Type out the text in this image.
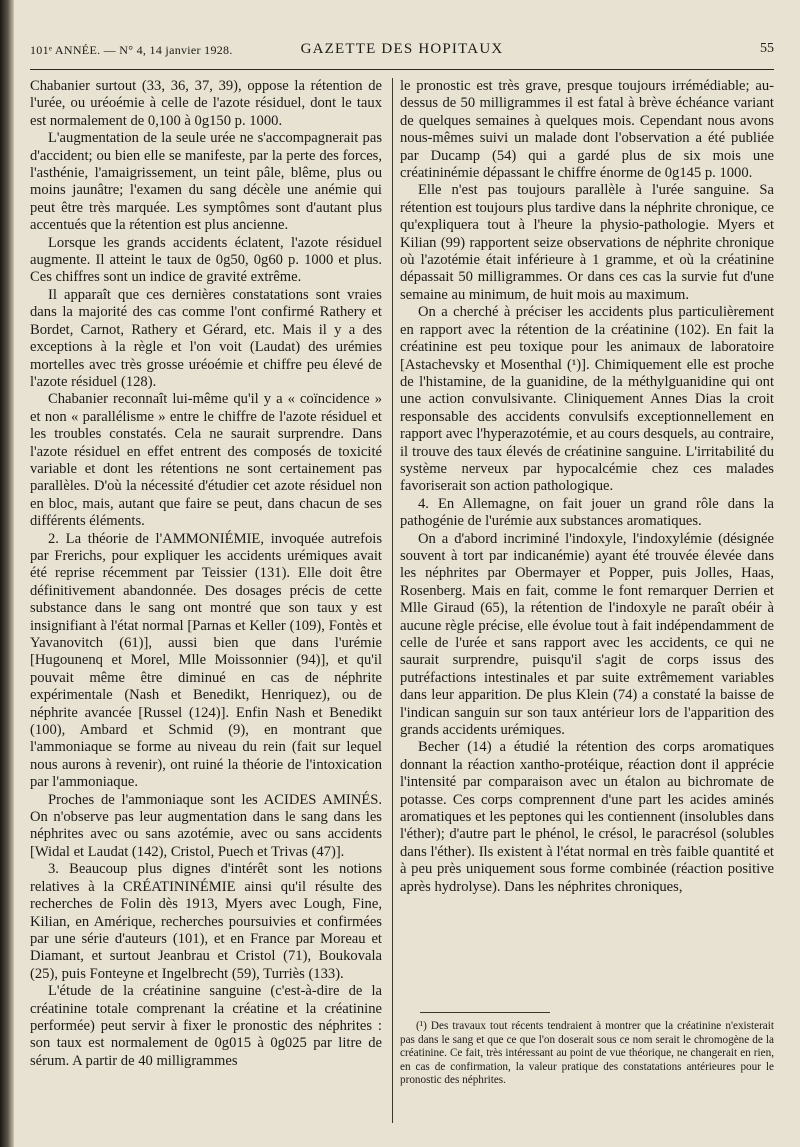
101ᵉ ANNÉE. — N° 4, 14 janvier 1928.	GAZETTE DES HOPITAUX	55

Chabanier surtout (33, 36, 37, 39), oppose la rétention de l'urée, ou uréoémie à celle de l'azote résiduel, dont le taux est normalement de 0,100 à 0g150 p. 1000.

L'augmentation de la seule urée ne s'accompagnerait pas d'accident; ou bien elle se manifeste, par la perte des forces, l'asthénie, l'amaigrissement, un teint pâle, blême, plus ou moins jaunâtre; l'examen du sang décèle une anémie qui peut être très marquée. Les symptômes sont d'autant plus accentués que la rétention est plus ancienne.

Lorsque les grands accidents éclatent, l'azote résiduel augmente. Il atteint le taux de 0g50, 0g60 p. 1000 et plus. Ces chiffres sont un indice de gravité extrême.

Il apparaît que ces dernières constatations sont vraies dans la majorité des cas comme l'ont confirmé Rathery et Bordet, Carnot, Rathery et Gérard, etc. Mais il y a des exceptions à la règle et l'on voit (Laudat) des urémies mortelles avec très grosse uréoémie et chiffre peu élevé de l'azote résiduel (128).

Chabanier reconnaît lui-même qu'il y a « coïncidence » et non « parallélisme » entre le chiffre de l'azote résiduel et les troubles constatés. Cela ne saurait surprendre. Dans l'azote résiduel en effet entrent des composés de toxicité variable et dont les rétentions ne sont certainement pas parallèles. D'où la nécessité d'étudier cet azote résiduel non en bloc, mais, autant que faire se peut, dans chacun de ses différents éléments.

2. La théorie de l'AMMONIÉMIE, invoquée autrefois par Frerichs, pour expliquer les accidents urémiques avait été reprise récemment par Teissier (131). Elle doit être définitivement abandonnée. Des dosages précis de cette substance dans le sang ont montré que son taux y est insignifiant à l'état normal [Parnas et Keller (109), Fontès et Yavanovitch (61)], aussi bien que dans l'urémie [Hugounenq et Morel, Mlle Moissonnier (94)], et qu'il pouvait même être diminué en cas de néphrite expérimentale (Nash et Benedikt, Henriquez), ou de néphrite avancée [Russel (124)]. Enfin Nash et Benedikt (100), Ambard et Schmid (9), en montrant que l'ammoniaque se forme au niveau du rein (fait sur lequel nous aurons à revenir), ont ruiné la théorie de l'intoxication par l'ammoniaque.

Proches de l'ammoniaque sont les ACIDES AMINÉS. On n'observe pas leur augmentation dans le sang dans les néphrites avec ou sans azotémie, avec ou sans accidents [Widal et Laudat (142), Cristol, Puech et Trivas (47)].

3. Beaucoup plus dignes d'intérêt sont les notions relatives à la CRÉATININÉMIE ainsi qu'il résulte des recherches de Folin dès 1913, Myers avec Lough, Fine, Kilian, en Amérique, recherches poursuivies et confirmées par une série d'auteurs (101), et en France par Moreau et Diamant, et surtout Jeanbrau et Cristol (71), Boukovala (25), puis Fonteyne et Ingelbrecht (59), Turriès (133).

L'étude de la créatinine sanguine (c'est-à-dire de la créatinine totale comprenant la créatine et la créatinine performée) peut servir à fixer le pronostic des néphrites : son taux est normalement de 0g015 à 0g025 par litre de sérum. A partir de 40 milligrammes

le pronostic est très grave, presque toujours irrémédiable; au-dessus de 50 milligrammes il est fatal à brève échéance variant de quelques semaines à quelques mois. Cependant nous avons nous-mêmes suivi un malade dont l'observation a été publiée par Ducamp (54) qui a gardé plus de six mois une créatininémie dépassant le chiffre énorme de 0g145 p. 1000.

Elle n'est pas toujours parallèle à l'urée sanguine. Sa rétention est toujours plus tardive dans la néphrite chronique, ce qu'expliquera tout à l'heure la physio-pathologie. Myers et Kilian (99) rapportent seize observations de néphrite chronique où l'azotémie était inférieure à 1 gramme, et où la créatinine dépassait 50 milligrammes. Or dans ces cas la survie fut d'une semaine au minimum, de huit mois au maximum.

On a cherché à préciser les accidents plus particulièrement en rapport avec la rétention de la créatinine (102). En fait la créatinine est peu toxique pour les animaux de laboratoire [Astachevsky et Mosenthal (¹)]. Chimiquement elle est proche de l'histamine, de la guanidine, de la méthylguanidine qui ont une action convulsivante. Cliniquement Annes Dias la croit responsable des accidents convulsifs exceptionnellement en rapport avec l'hyperazotémie, et au cours desquels, au contraire, il trouve des taux élevés de créatinine sanguine. L'irritabilité du système nerveux par hypocalcémie chez ces malades favoriserait son action pathologique.

4. En Allemagne, on fait jouer un grand rôle dans la pathogénie de l'urémie aux substances aromatiques.

On a d'abord incriminé l'indoxyle, l'indoxylémie (désignée souvent à tort par indicanémie) ayant été trouvée élevée dans les néphrites par Obermayer et Popper, puis Jolles, Haas, Rosenberg. Mais en fait, comme le font remarquer Derrien et Mlle Giraud (65), la rétention de l'indoxyle ne paraît obéir à aucune règle précise, elle évolue tout à fait indépendamment de celle de l'urée et sans rapport avec les accidents, ce qui ne saurait surprendre, puisqu'il s'agit de corps issus des putréfactions intestinales et par suite extrêmement variables dans leur apparition. De plus Klein (74) a constaté la baisse de l'indican sanguin sur son taux antérieur lors de l'apparition des grands accidents urémiques.

Becher (14) a étudié la rétention des corps aromatiques donnant la réaction xantho-protéique, réaction dont il apprécie l'intensité par comparaison avec un étalon au bichromate de potasse. Ces corps comprennent d'une part les acides aminés aromatiques et les peptones qui les contiennent (insolubles dans l'éther); d'autre part le phénol, le crésol, le paracrésol (solubles dans l'éther). Ils existent à l'état normal en très faible quantité et à peu près uniquement sous forme combinée (réaction positive après hydrolyse). Dans les néphrites chroniques,

(¹) Des travaux tout récents tendraient à montrer que la créatinine n'existerait pas dans le sang et que ce que l'on doserait sous ce nom serait le chromogène de la créatinine. Ce fait, très intéressant au point de vue théorique, ne changerait en rien, en cas de confirmation, la valeur pratique des constatations antérieures pour le pronostic des néphrites.
